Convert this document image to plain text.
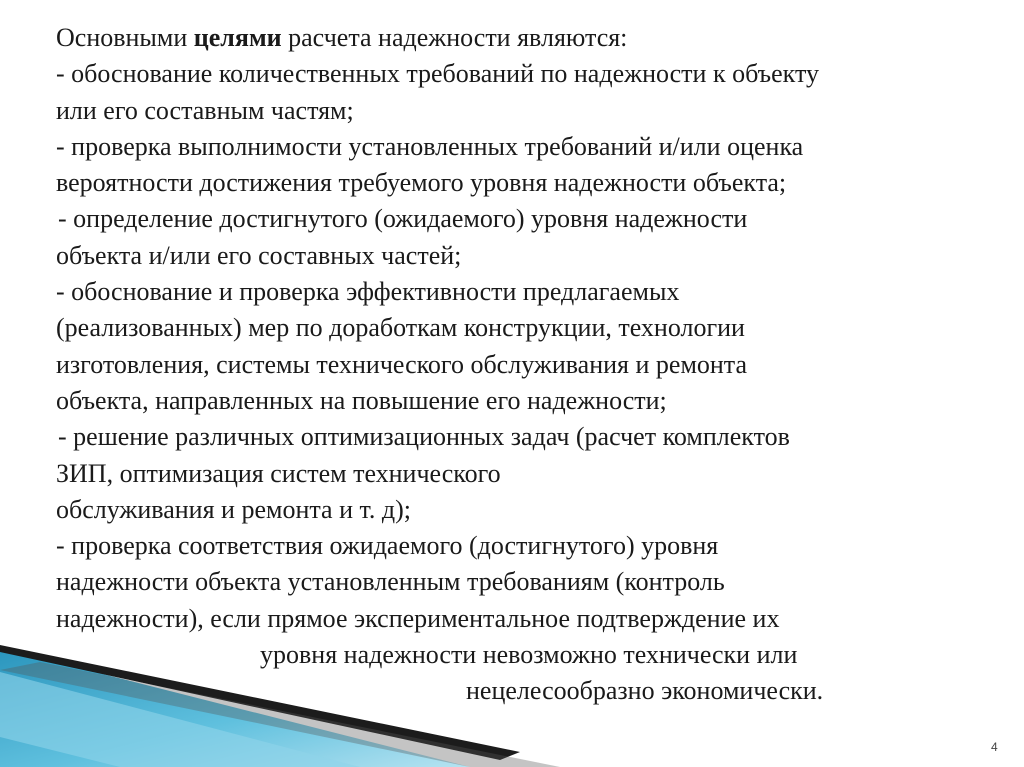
Основными целями расчета надежности являются:
- обоснование количественных требований по надежности к объекту
или его составным частям;
- проверка выполнимости установленных требований и/или оценка
вероятности достижения требуемого уровня надежности объекта;
- определение достигнутого (ожидаемого) уровня надежности
объекта и/или его составных частей;
- обоснование и проверка эффективности предлагаемых
(реализованных) мер по доработкам конструкции, технологии
изготовления, системы технического обслуживания и ремонта
объекта, направленных на повышение его надежности;
- решение различных оптимизационных задач (расчет комплектов
ЗИП, оптимизация систем технического
обслуживания и ремонта и т. д);
- проверка соответствия ожидаемого (достигнутого) уровня
надежности объекта установленным требованиям (контроль
надежности), если прямое экспериментальное подтверждение их
уровня надежности невозможно технически или
нецелесообразно экономически.
4
